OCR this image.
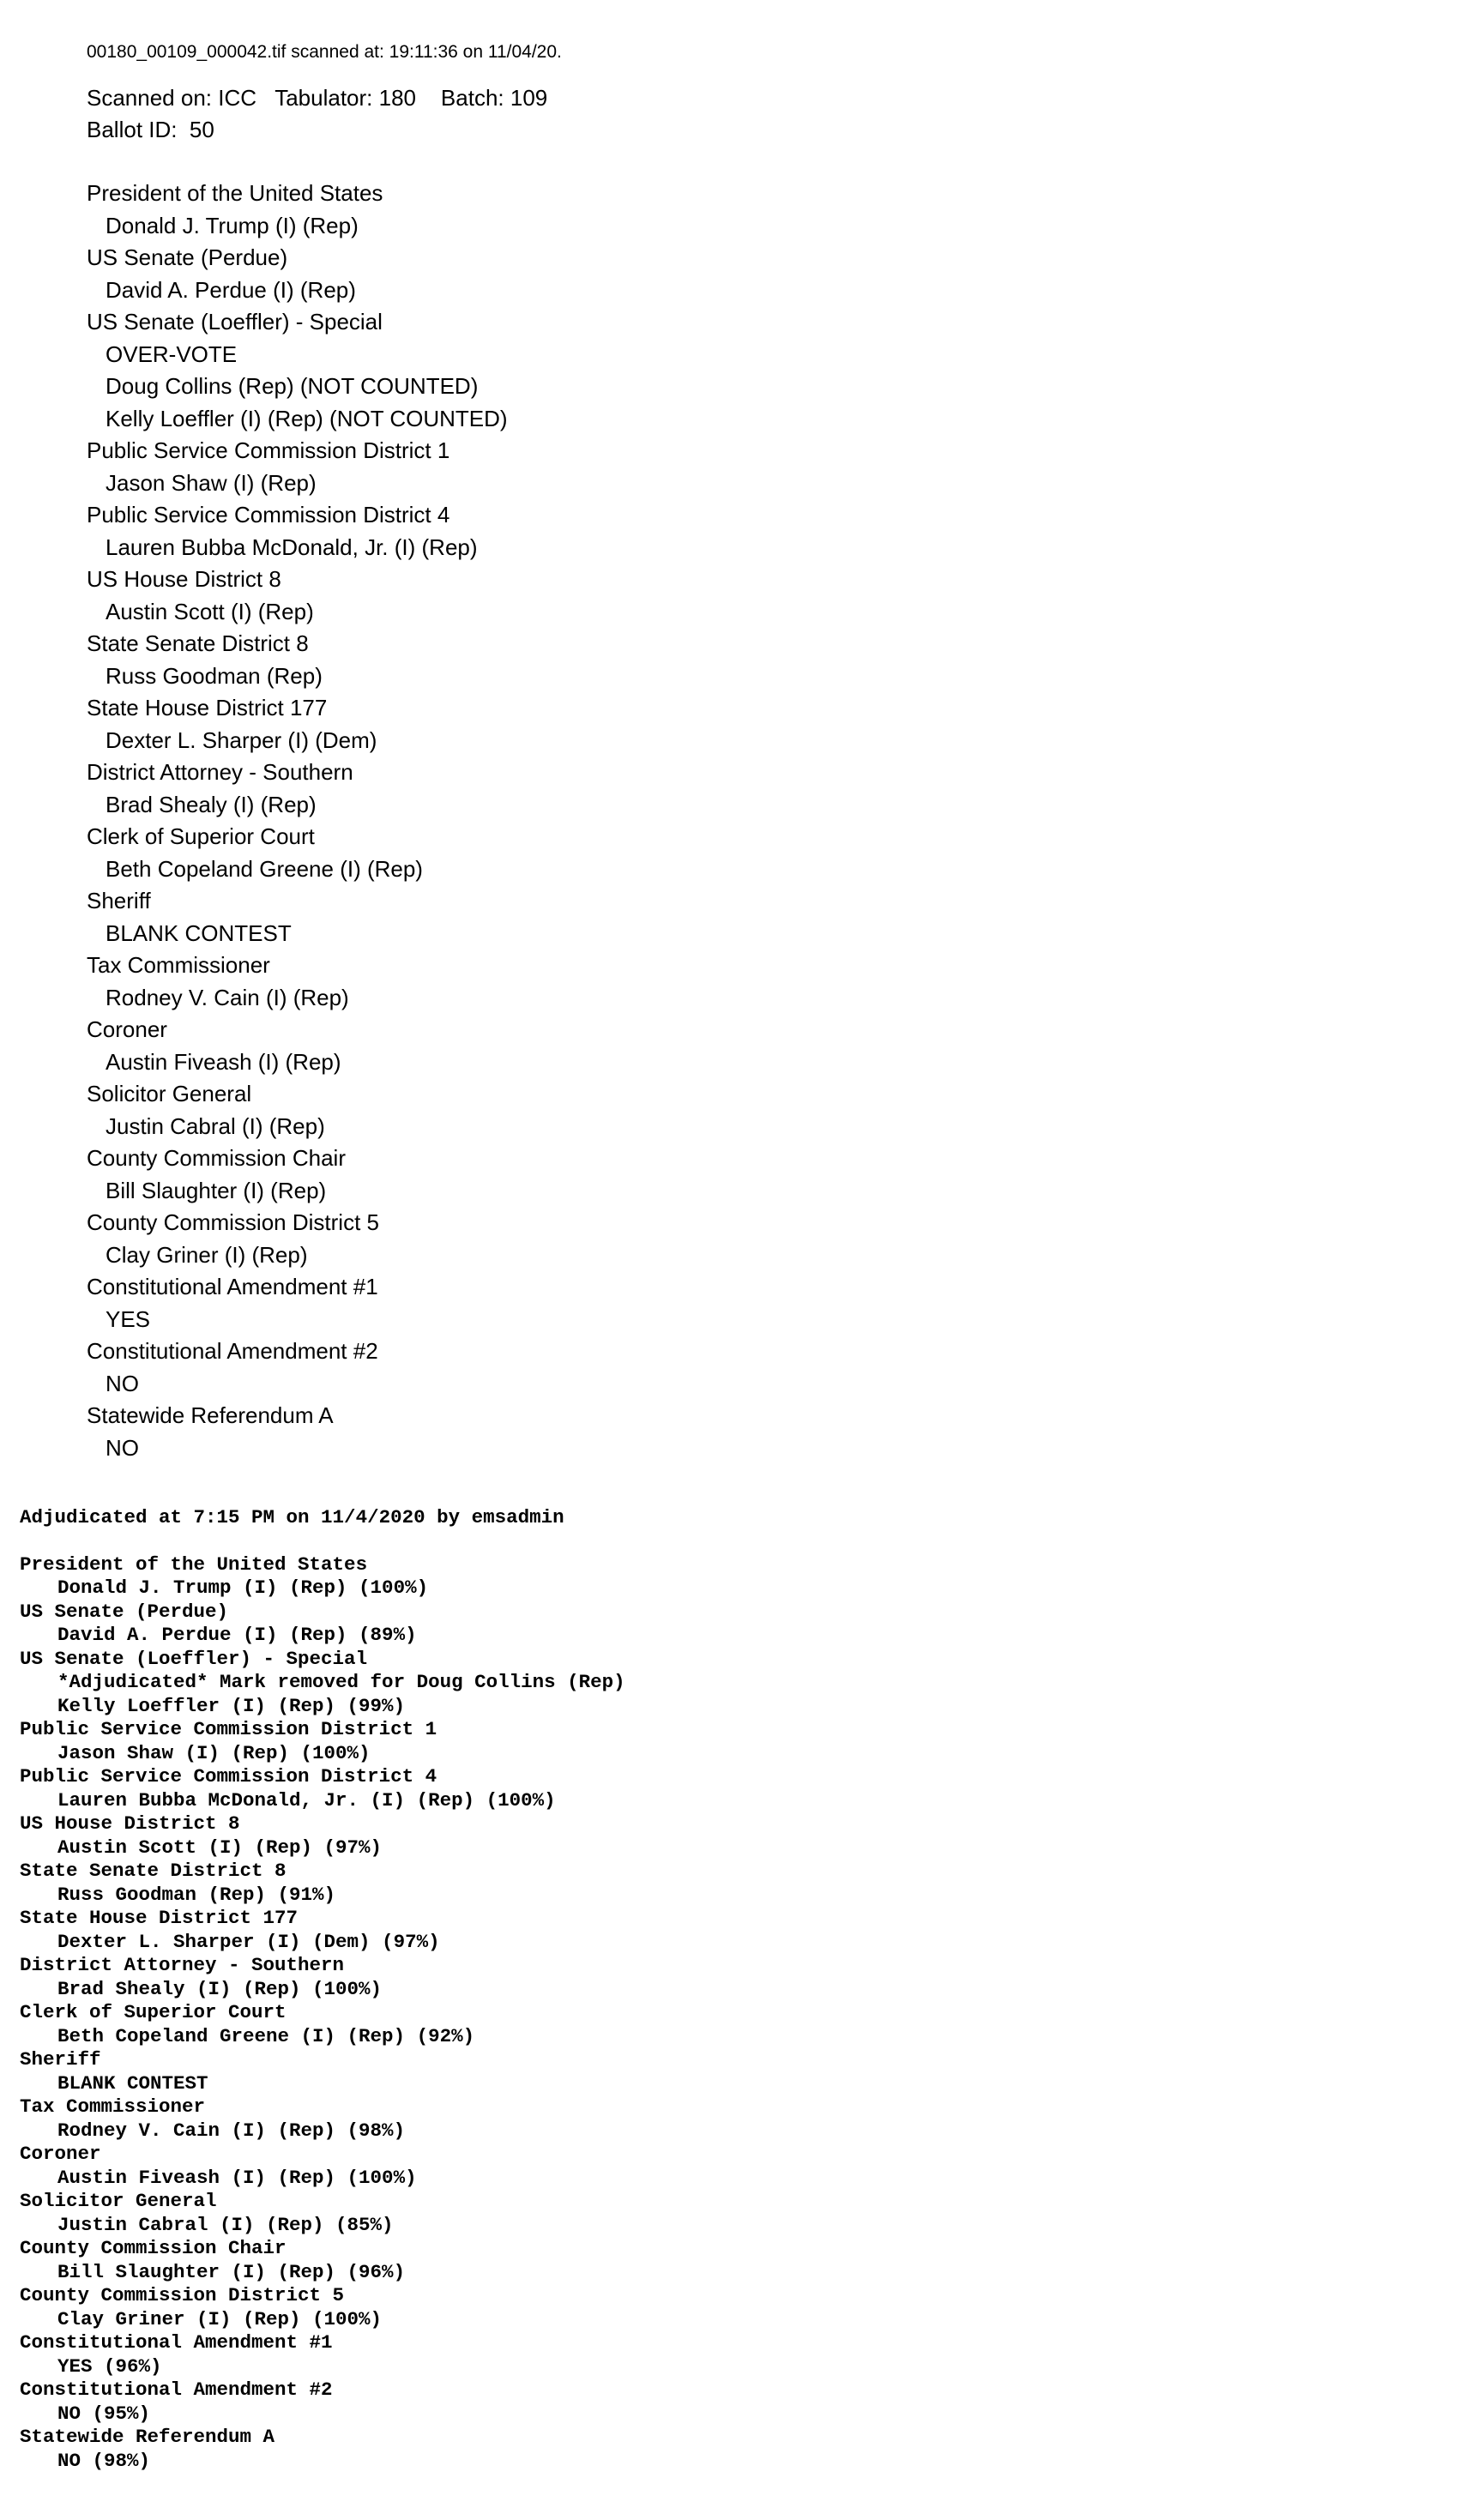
00180_00109_000042.tif scanned at: 19:11:36 on 11/04/20.
Scanned on: ICC Tabulator: 180 Batch: 109
Ballot ID:  50
President of the United States
Donald J. Trump (I) (Rep)
US Senate (Perdue)
David A. Perdue (I) (Rep)
US Senate (Loeffler) - Special
OVER-VOTE
Doug Collins (Rep) (NOT COUNTED)
Kelly Loeffler (I) (Rep) (NOT COUNTED)
Public Service Commission District 1
Jason Shaw (I) (Rep)
Public Service Commission District 4
Lauren Bubba McDonald, Jr. (I) (Rep)
US House District 8
Austin Scott (I) (Rep)
State Senate District 8
Russ Goodman (Rep)
State House District 177
Dexter L. Sharper (I) (Dem)
District Attorney - Southern
Brad Shealy (I) (Rep)
Clerk of Superior Court
Beth Copeland Greene (I) (Rep)
Sheriff
BLANK CONTEST
Tax Commissioner
Rodney V. Cain (I) (Rep)
Coroner
Austin Fiveash (I) (Rep)
Solicitor General
Justin Cabral (I) (Rep)
County Commission Chair
Bill Slaughter (I) (Rep)
County Commission District 5
Clay Griner (I) (Rep)
Constitutional Amendment #1
YES
Constitutional Amendment #2
NO
Statewide Referendum A
NO
Adjudicated at 7:15 PM on 11/4/2020 by emsadmin
President of the United States
Donald J. Trump (I) (Rep) (100%)
US Senate (Perdue)
David A. Perdue (I) (Rep) (89%)
US Senate (Loeffler) - Special
*Adjudicated* Mark removed for Doug Collins (Rep)
Kelly Loeffler (I) (Rep) (99%)
Public Service Commission District 1
Jason Shaw (I) (Rep) (100%)
Public Service Commission District 4
Lauren Bubba McDonald, Jr. (I) (Rep) (100%)
US House District 8
Austin Scott (I) (Rep) (97%)
State Senate District 8
Russ Goodman (Rep) (91%)
State House District 177
Dexter L. Sharper (I) (Dem) (97%)
District Attorney - Southern
Brad Shealy (I) (Rep) (100%)
Clerk of Superior Court
Beth Copeland Greene (I) (Rep) (92%)
Sheriff
BLANK CONTEST
Tax Commissioner
Rodney V. Cain (I) (Rep) (98%)
Coroner
Austin Fiveash (I) (Rep) (100%)
Solicitor General
Justin Cabral (I) (Rep) (85%)
County Commission Chair
Bill Slaughter (I) (Rep) (96%)
County Commission District 5
Clay Griner (I) (Rep) (100%)
Constitutional Amendment #1
YES (96%)
Constitutional Amendment #2
NO (95%)
Statewide Referendum A
NO (98%)
